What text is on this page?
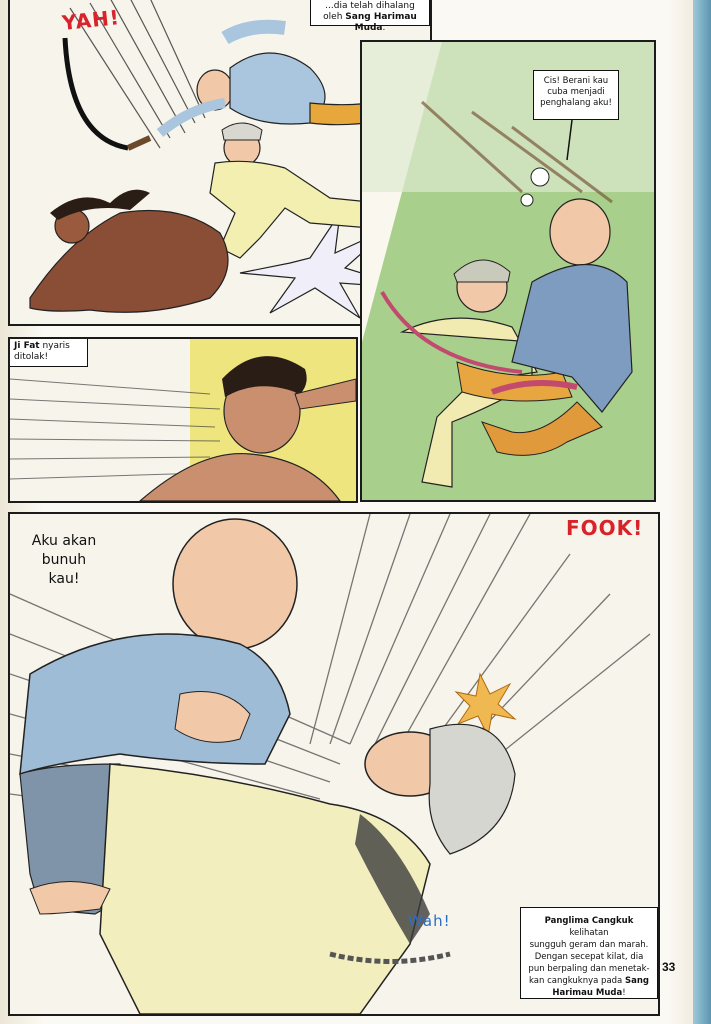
YAH!	...dia telah dihalang
oleh Sang Harimau Muda.
Cis! Berani kau
cuba menjadi
penghalang aku!
Ji Fat nyaris
ditolak!
Aku akan
bunuh
kau!
FOOK!
Wah!	Panglima Cangkuk kelihatan
sungguh geram dan marah.
Dengan secepat kilat, dia
pun berpaling dan menetak-
kan cangkuknya pada Sang
Harimau Muda!
33
